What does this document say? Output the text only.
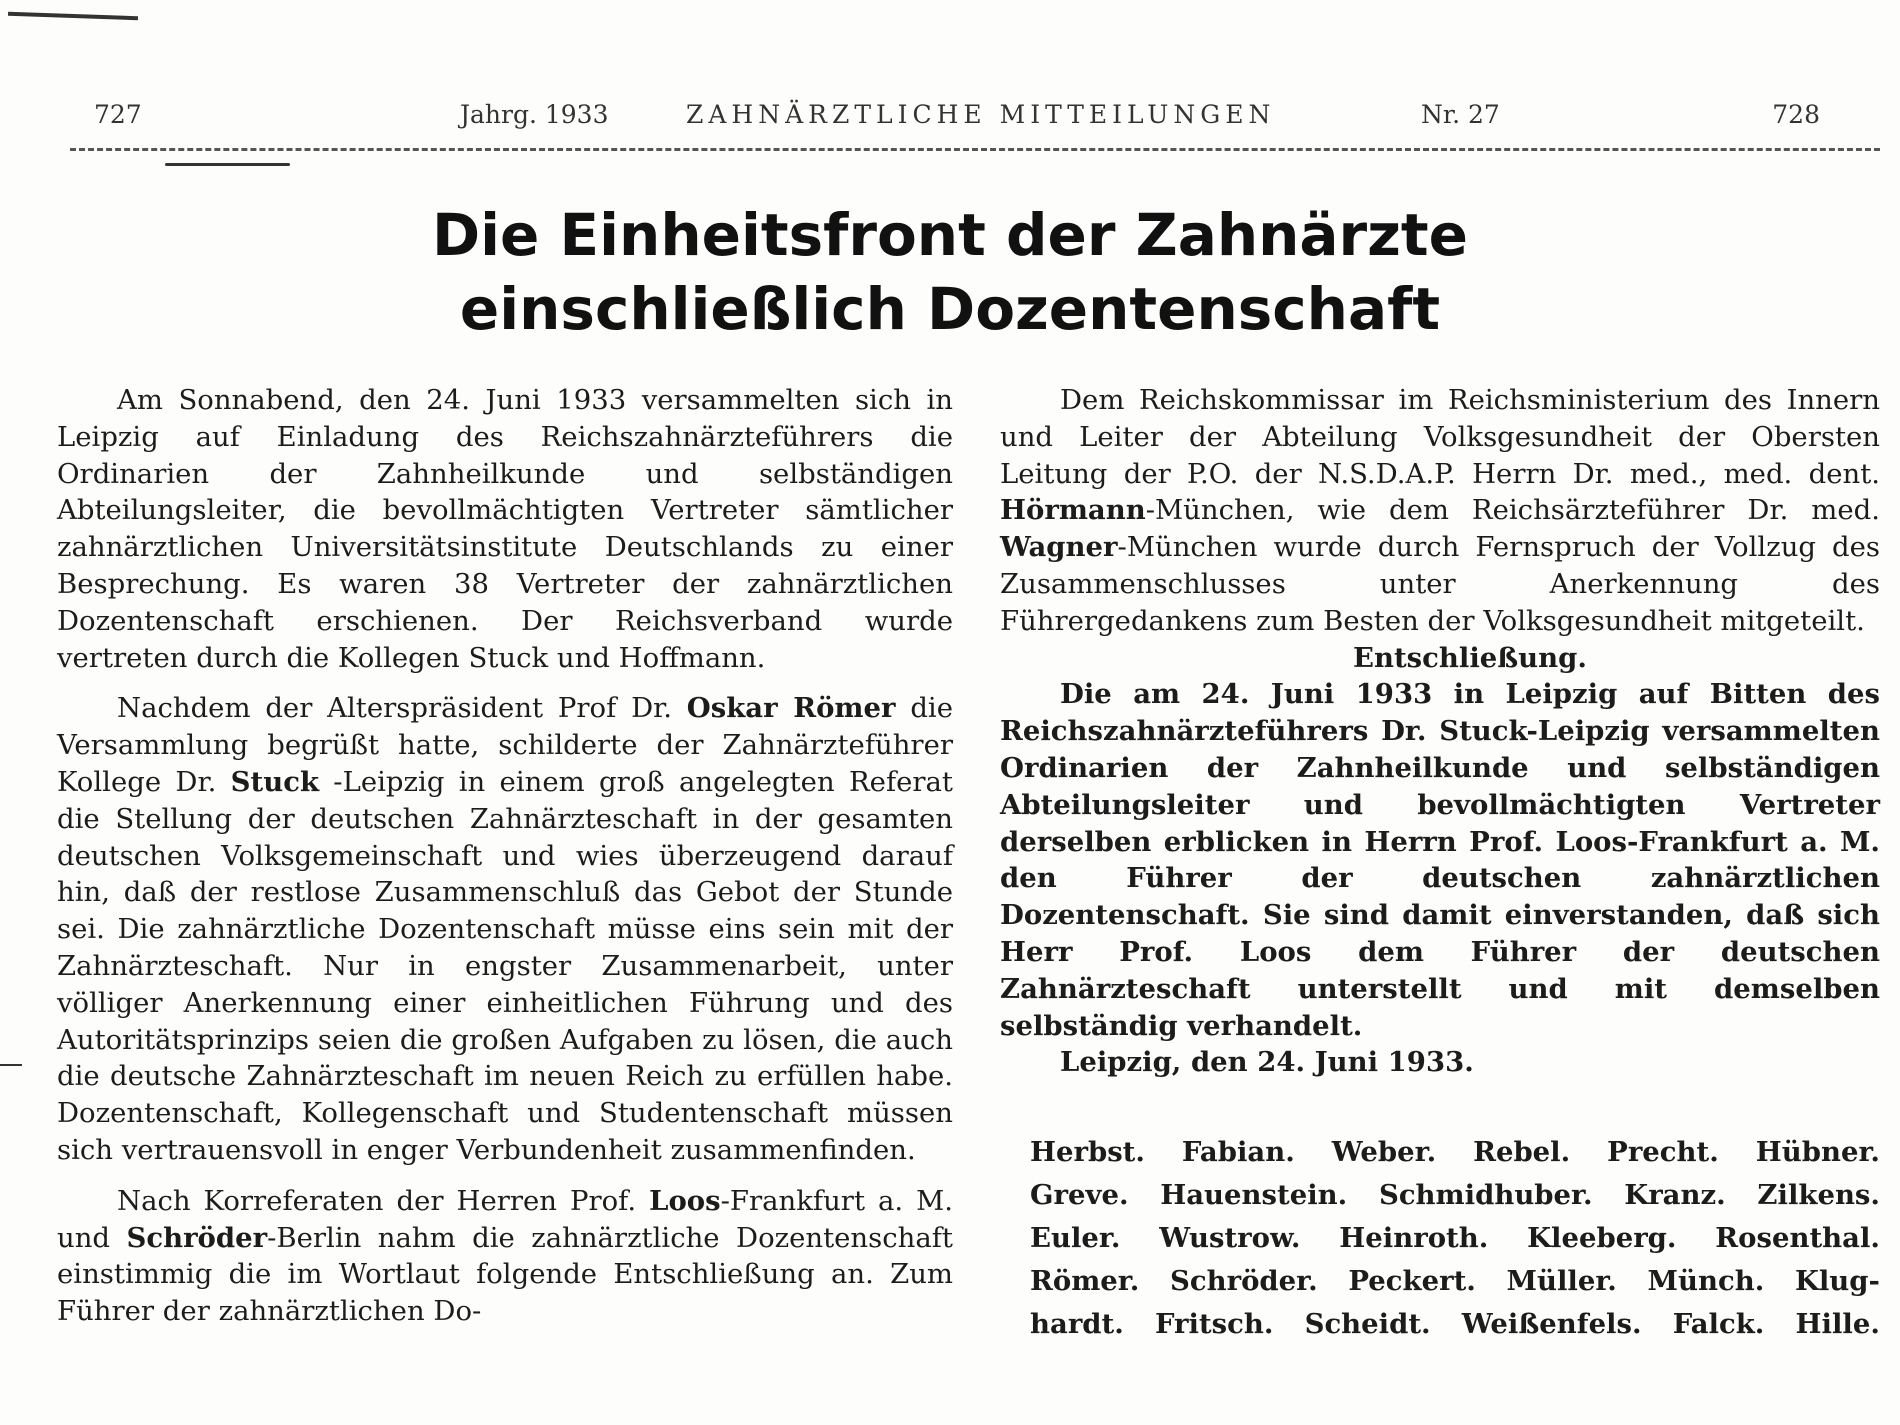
727	Jahrg. 1933	ZAHNÄRZTLICHE MITTEILUNGEN	Nr. 27	728
Die Einheitsfront der Zahnärzte
einschließlich Dozentenschaft

Am Sonnabend, den 24. Juni 1933 versammelten sich in Leipzig auf Einladung des Reichszahnärzteführers die Ordinarien der Zahnheilkunde und selbständigen Abteilungsleiter, die bevollmächtigten Vertreter sämtlicher zahnärztlichen Universitätsinstitute Deutschlands zu einer Besprechung. Es waren 38 Vertreter der zahnärztlichen Dozentenschaft erschienen. Der Reichsverband wurde vertreten durch die Kollegen Stuck und Hoffmann.

Nachdem der Alterspräsident Prof Dr. Oskar Römer die Versammlung begrüßt hatte, schilderte der Zahnärzteführer Kollege Dr. Stuck -Leipzig in einem groß angelegten Referat die Stellung der deutschen Zahnärzteschaft in der gesamten deutschen Volksgemeinschaft und wies überzeugend darauf hin, daß der restlose Zusammenschluß das Gebot der Stunde sei. Die zahnärztliche Dozentenschaft müsse eins sein mit der Zahnärzteschaft. Nur in engster Zusammenarbeit, unter völliger Anerkennung einer einheitlichen Führung und des Autoritätsprinzips seien die großen Aufgaben zu lösen, die auch die deutsche Zahnärzteschaft im neuen Reich zu erfüllen habe. Dozentenschaft, Kollegenschaft und Studentenschaft müssen sich vertrauensvoll in enger Verbundenheit zusammenfinden.

Nach Korreferaten der Herren Prof. Loos-Frankfurt a. M. und Schröder-Berlin nahm die zahnärztliche Dozentenschaft einstimmig die im Wortlaut folgende Entschließung an. Zum Führer der zahnärztlichen Do-

Dem Reichskommissar im Reichsministerium des Innern und Leiter der Abteilung Volksgesundheit der Obersten Leitung der P.O. der N.S.D.A.P. Herrn Dr. med., med. dent. Hörmann-München, wie dem Reichsärzteführer Dr. med. Wagner-München wurde durch Fernspruch der Vollzug des Zusammenschlusses unter Anerkennung des Führergedankens zum Besten der Volksgesundheit mitgeteilt.

Entschließung.

Die am 24. Juni 1933 in Leipzig auf Bitten des Reichszahnärzteführers Dr. Stuck-Leipzig versammelten Ordinarien der Zahnheilkunde und selbständigen Abteilungsleiter und bevollmächtigten Vertreter derselben erblicken in Herrn Prof. Loos-Frankfurt a. M. den Führer der deutschen zahnärztlichen Dozentenschaft. Sie sind damit einverstanden, daß sich Herr Prof. Loos dem Führer der deutschen Zahnärzteschaft unterstellt und mit demselben selbständig verhandelt.

Leipzig, den 24. Juni 1933.

Herbst. Fabian. Weber. Rebel. Precht. Hübner.
Greve. Hauenstein. Schmidhuber. Kranz. Zilkens.
Euler. Wustrow. Heinroth. Kleeberg. Rosenthal.
Römer. Schröder. Peckert. Müller. Münch. Klug-
hardt. Fritsch. Scheidt. Weißenfels. Falck. Hille.
